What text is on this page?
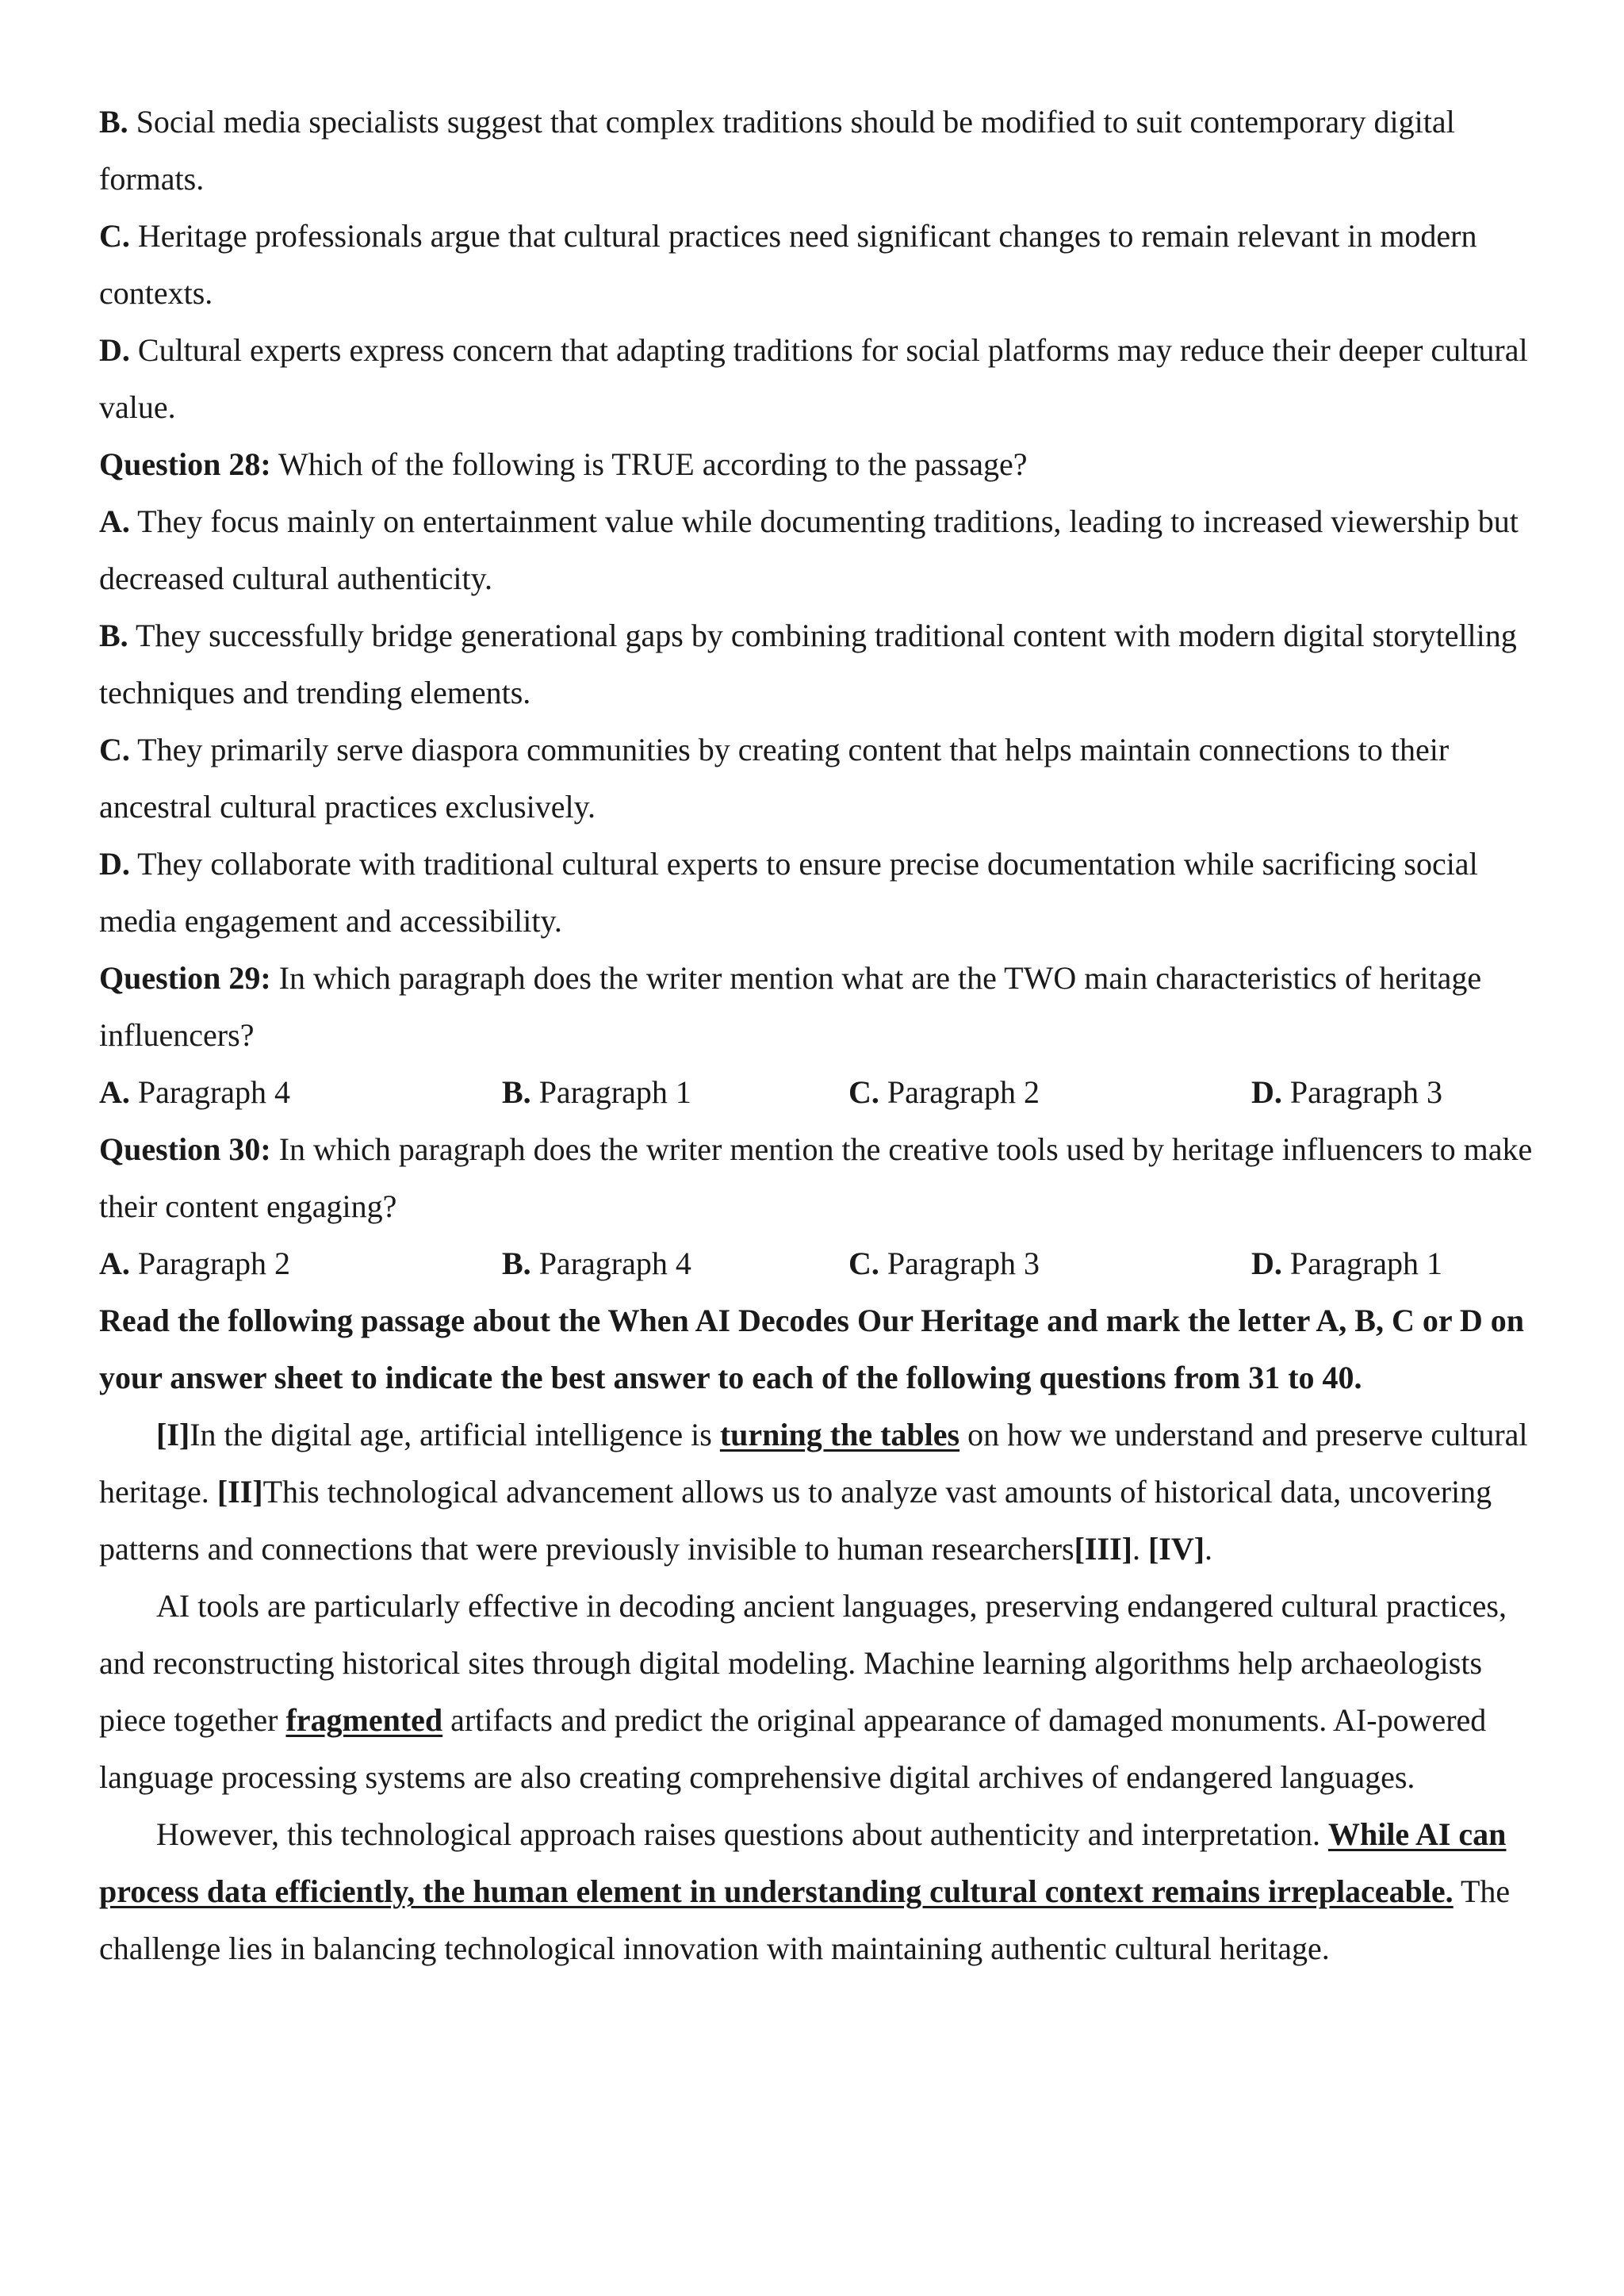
B. Social media specialists suggest that complex traditions should be modified to suit contemporary digital formats.

C. Heritage professionals argue that cultural practices need significant changes to remain relevant in modern contexts.

D. Cultural experts express concern that adapting traditions for social platforms may reduce their deeper cultural value.

Question 28: Which of the following is TRUE according to the passage?

A. They focus mainly on entertainment value while documenting traditions, leading to increased viewership but decreased cultural authenticity.

B. They successfully bridge generational gaps by combining traditional content with modern digital storytelling techniques and trending elements.

C. They primarily serve diaspora communities by creating content that helps maintain connections to their ancestral cultural practices exclusively.

D. They collaborate with traditional cultural experts to ensure precise documentation while sacrificing social media engagement and accessibility.

Question 29: In which paragraph does the writer mention what are the TWO main characteristics of heritage influencers?

A. Paragraph 4	B. Paragraph 1	C. Paragraph 2	D. Paragraph 3

Question 30: In which paragraph does the writer mention the creative tools used by heritage influencers to make their content engaging?

A. Paragraph 2	B. Paragraph 4	C. Paragraph 3	D. Paragraph 1

Read the following passage about the When AI Decodes Our Heritage and mark the letter A, B, C or D on your answer sheet to indicate the best answer to each of the following questions from 31 to 40.

[I]In the digital age, artificial intelligence is turning the tables on how we understand and preserve cultural heritage. [II]This technological advancement allows us to analyze vast amounts of historical data, uncovering patterns and connections that were previously invisible to human researchers[III]. [IV].

AI tools are particularly effective in decoding ancient languages, preserving endangered cultural practices, and reconstructing historical sites through digital modeling. Machine learning algorithms help archaeologists piece together fragmented artifacts and predict the original appearance of damaged monuments. AI-powered language processing systems are also creating comprehensive digital archives of endangered languages.

However, this technological approach raises questions about authenticity and interpretation. While AI can process data efficiently, the human element in understanding cultural context remains irreplaceable. The challenge lies in balancing technological innovation with maintaining authentic cultural heritage.
